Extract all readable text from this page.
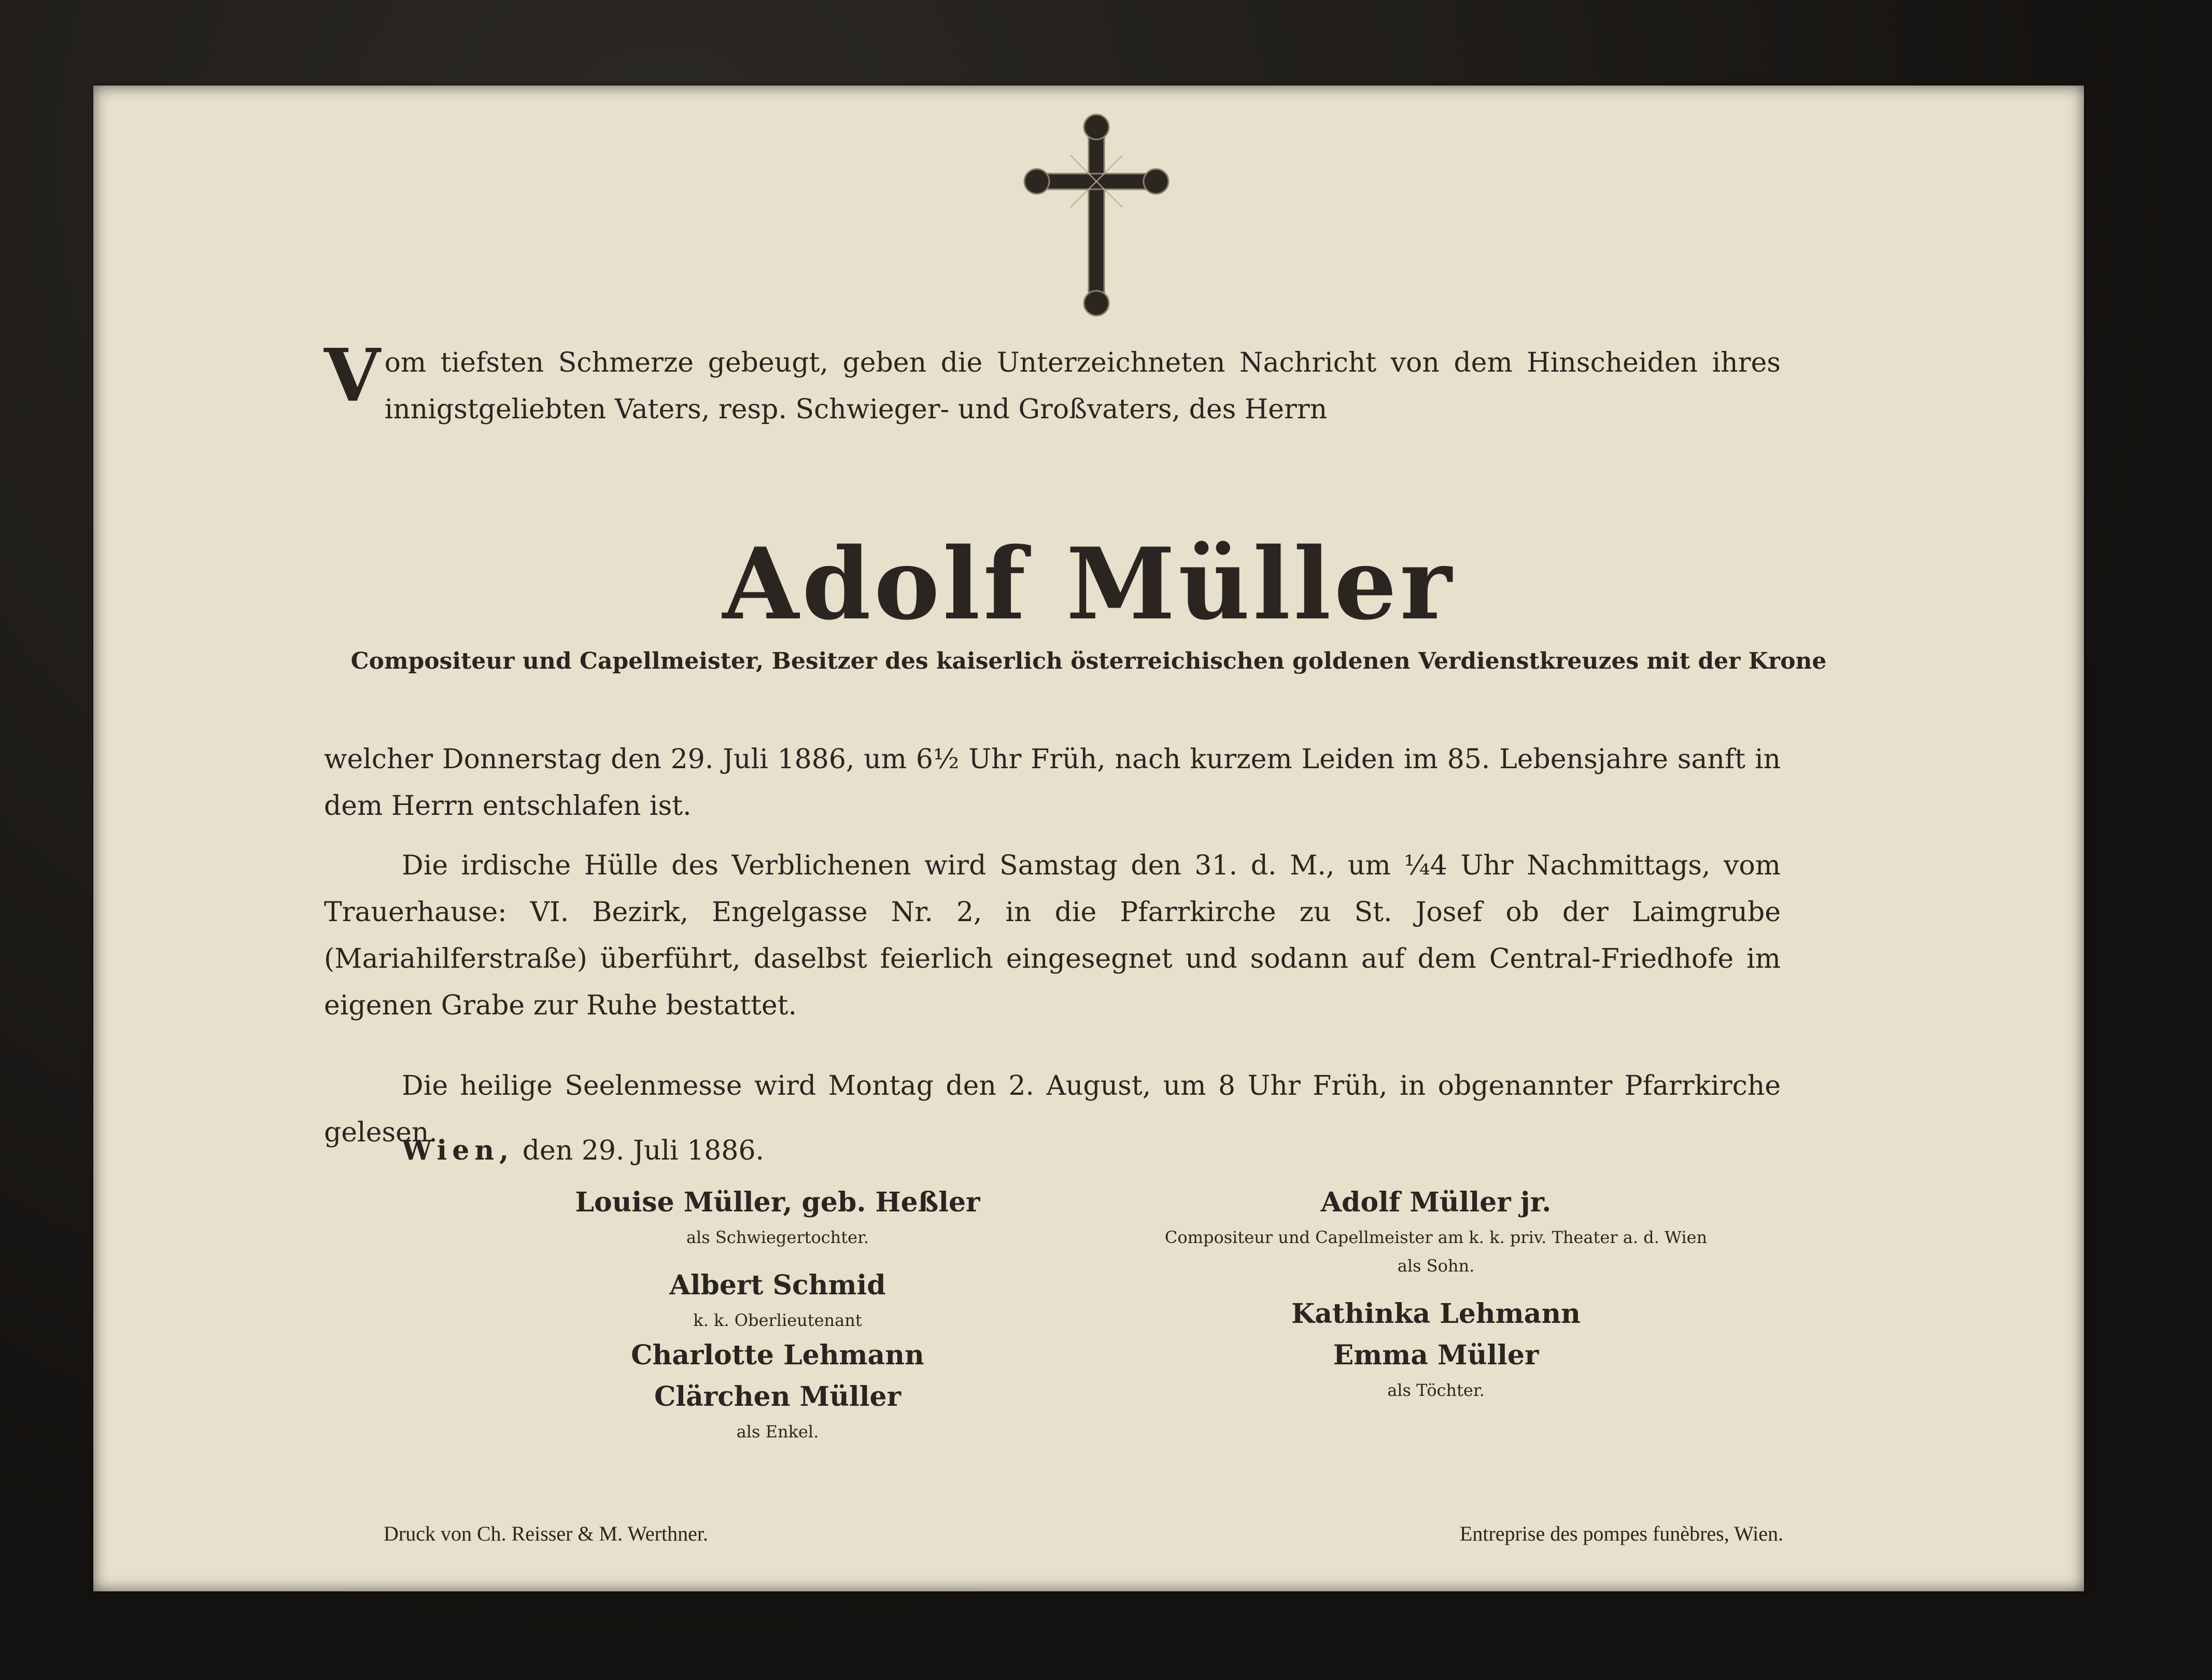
Vom tiefsten Schmerze gebeugt, geben die Unterzeichneten Nachricht von dem Hinscheiden ihres innigstgeliebten Vaters, resp. Schwieger- und Großvaters, des Herrn
Adolf Müller
Compositeur und Capellmeister, Besitzer des kaiserlich österreichischen goldenen Verdienstkreuzes mit der Krone

welcher Donnerstag den 29. Juli 1886, um 6½ Uhr Früh, nach kurzem Leiden im 85. Lebensjahre sanft in dem Herrn entschlafen ist.

Die irdische Hülle des Verblichenen wird Samstag den 31. d. M., um ¼4 Uhr Nachmittags, vom Trauerhause: VI. Bezirk, Engelgasse Nr. 2, in die Pfarrkirche zu St. Josef ob der Laimgrube (Mariahilferstraße) überführt, daselbst feierlich eingesegnet und sodann auf dem Central-Friedhofe im eigenen Grabe zur Ruhe bestattet.

Die heilige Seelenmesse wird Montag den 2. August, um 8 Uhr Früh, in obgenannter Pfarrkirche gelesen.

Wien, den 29. Juli 1886.
Louise Müller, geb. Heßler
als Schwiegertochter.
Albert Schmid
k. k. Oberlieutenant
Charlotte Lehmann
Clärchen Müller
als Enkel.
Adolf Müller jr.
Compositeur und Capellmeister am k. k. priv. Theater a. d. Wien
als Sohn.
Kathinka Lehmann
Emma Müller
als Töchter.
Druck von Ch. Reisser & M. Werthner.	Entreprise des pompes funèbres, Wien.
